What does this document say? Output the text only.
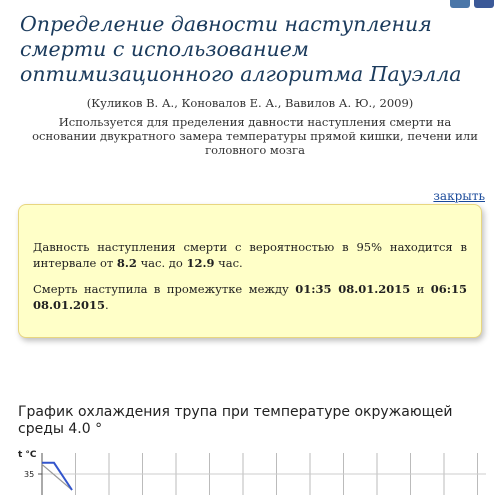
Определение давности наступления смерти с использованием оптимизационного алгоритма Пауэлла
(Куликов В. А., Коновалов Е. А., Вавилов А. Ю., 2009)
Используется для пределения давности наступления смерти на основании двукратного замера температуры прямой кишки, печени или головного мозга
закрыть

Давность наступления смерти с вероятностью в 95% находится в интервале от 8.2 час. до 12.9 час.

Смерть наступила в промежутке между 01:35 08.01.2015 и 06:15 08.01.2015.

График охлаждения трупа при температуре окружающей среды 4.0 °
t °C
35
